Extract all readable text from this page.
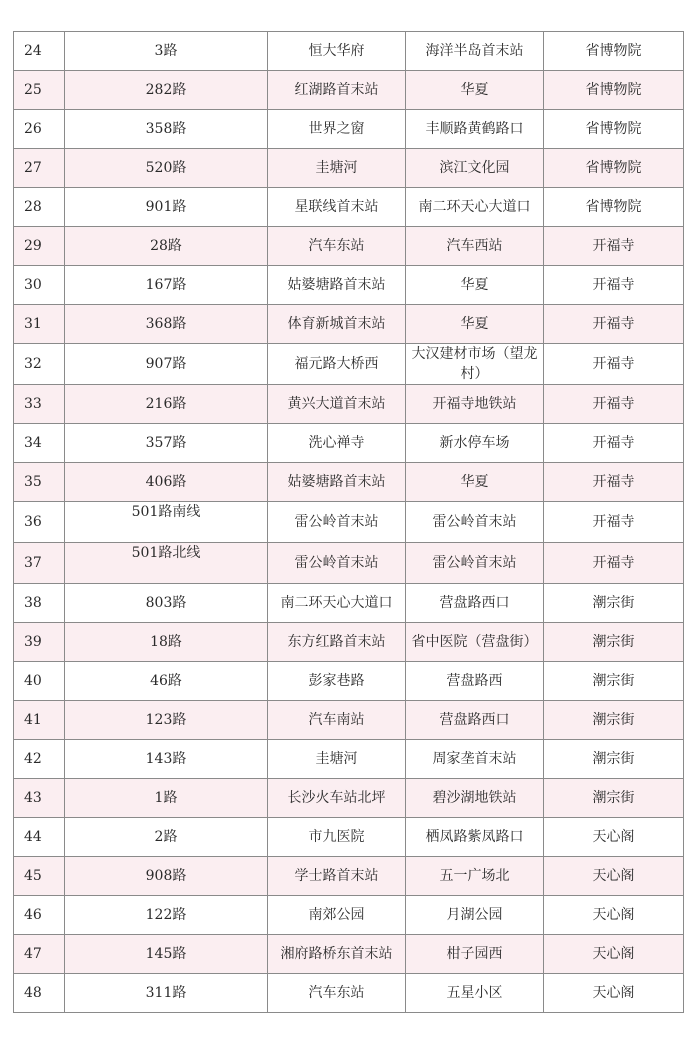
24	3路	恒大华府	海洋半岛首末站	省博物院
25	282路	红湖路首末站	华夏	省博物院
26	358路	世界之窗	丰顺路黄鹤路口	省博物院
27	520路	圭塘河	滨江文化园	省博物院
28	901路	星联线首末站	南二环天心大道口	省博物院
29	28路	汽车东站	汽车西站	开福寺
30	167路	姑婆塘路首末站	华夏	开福寺
31	368路	体育新城首末站	华夏	开福寺
32	907路	福元路大桥西	大汉建材市场（望龙村）	开福寺
33	216路	黄兴大道首末站	开福寺地铁站	开福寺
34	357路	洗心禅寺	新水停车场	开福寺
35	406路	姑婆塘路首末站	华夏	开福寺
36	501路南线	雷公岭首末站	雷公岭首末站	开福寺
37	501路北线	雷公岭首末站	雷公岭首末站	开福寺
38	803路	南二环天心大道口	营盘路西口	潮宗街
39	18路	东方红路首末站	省中医院（营盘街）	潮宗街
40	46路	彭家巷路	营盘路西	潮宗街
41	123路	汽车南站	营盘路西口	潮宗街
42	143路	圭塘河	周家垄首末站	潮宗街
43	1路	长沙火车站北坪	碧沙湖地铁站	潮宗街
44	2路	市九医院	栖凤路紫凤路口	天心阁
45	908路	学士路首末站	五一广场北	天心阁
46	122路	南郊公园	月湖公园	天心阁
47	145路	湘府路桥东首末站	柑子园西	天心阁
48	311路	汽车东站	五星小区	天心阁
